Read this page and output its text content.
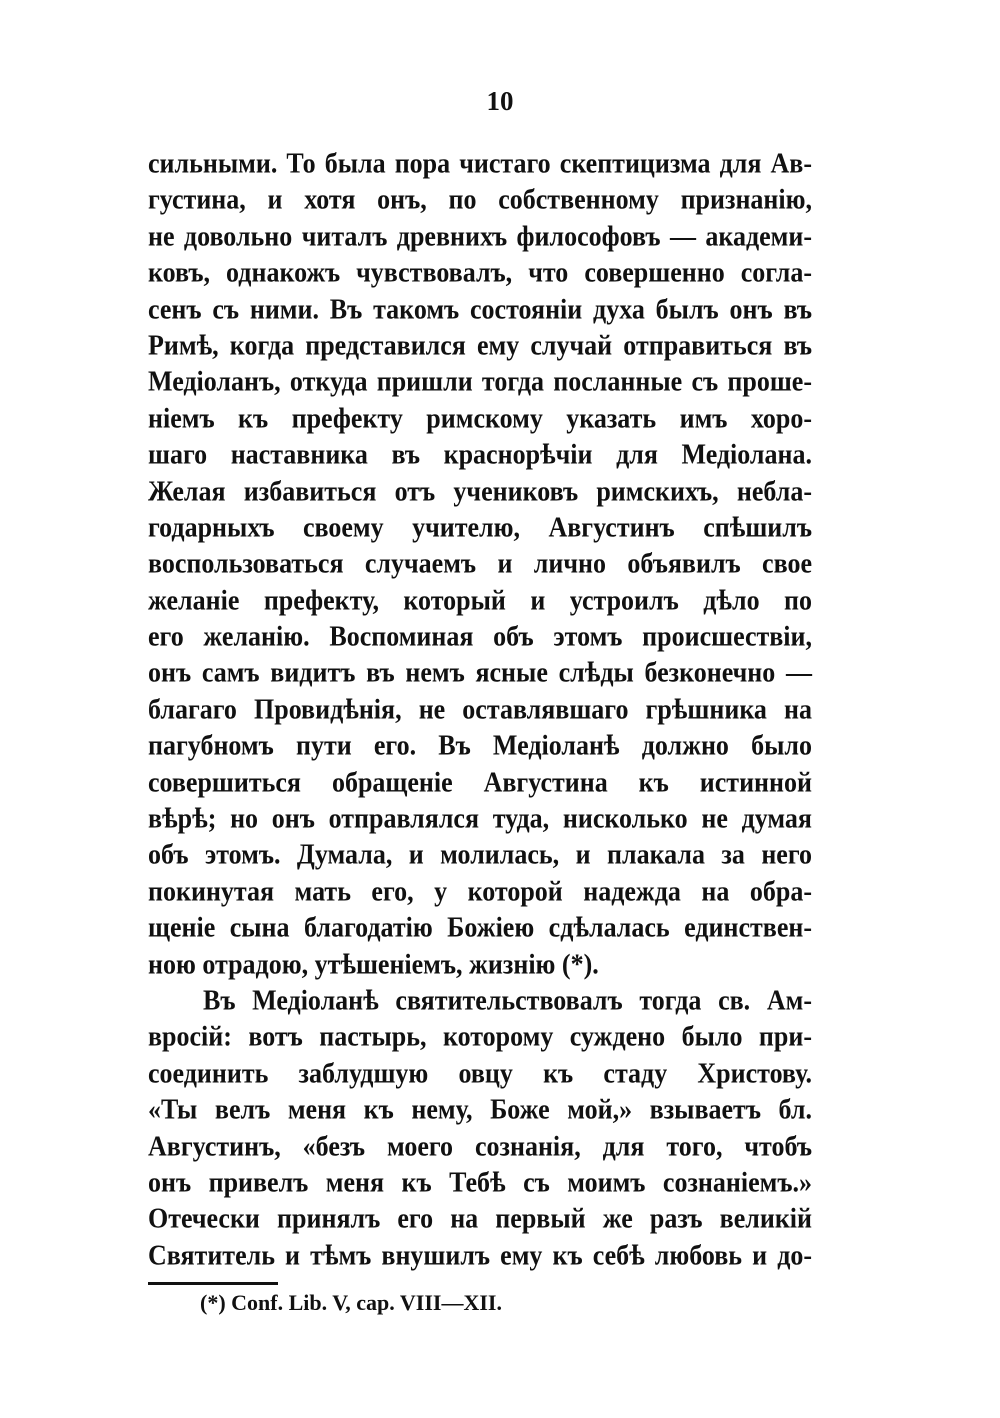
10
сильными. То была пора чистаго скептицизма для Ав-
густина, и хотя онъ, по собственному признанію,
не довольно читалъ древнихъ философовъ — академи-
ковъ, однакожъ чувствовалъ, что совершенно согла-
сенъ съ ними. Въ такомъ состояніи духа былъ онъ въ
Римѣ, когда представился ему случай отправиться въ
Медіоланъ, откуда пришли тогда посланные съ проше-
ніемъ къ префекту римскому указать имъ хоро-
шаго наставника въ краснорѣчіи для Медіолана.
Желая избавиться отъ учениковъ римскихъ, небла-
годарныхъ своему учителю, Августинъ спѣшилъ
воспользоваться случаемъ и лично объявилъ свое
желаніе префекту, который и устроилъ дѣло по
его желанію. Воспоминая объ этомъ происшествіи,
онъ самъ видитъ въ немъ ясные слѣды безконечно —
благаго Провидѣнія, не оставлявшаго грѣшника на
пагубномъ пути его. Въ Медіоланѣ должно было
совершиться обращеніе Августина къ истинной
вѣрѣ; но онъ отправлялся туда, нисколько не думая
объ этомъ. Думала, и молилась, и плакала за него
покинутая мать его, у которой надежда на обра-
щеніе сына благодатію Божіею сдѣлалась единствен-
ною отрадою, утѣшеніемъ, жизнію (*).
Въ Медіоланѣ святительствовалъ тогда св. Ам-
вросій: вотъ пастырь, которому суждено было при-
соединить заблудшую овцу къ стаду Христову.
«Ты велъ меня къ нему, Боже мой,» взываетъ бл.
Августинъ, «безъ моего сознанія, для того, чтобъ
онъ привелъ меня къ Тебѣ съ моимъ сознаніемъ.»
Отечески принялъ его на первый же разъ великій
Святитель и тѣмъ внушилъ ему къ себѣ любовь и до-
(*) Conf. Lib. V, cap. VIII—XII.
